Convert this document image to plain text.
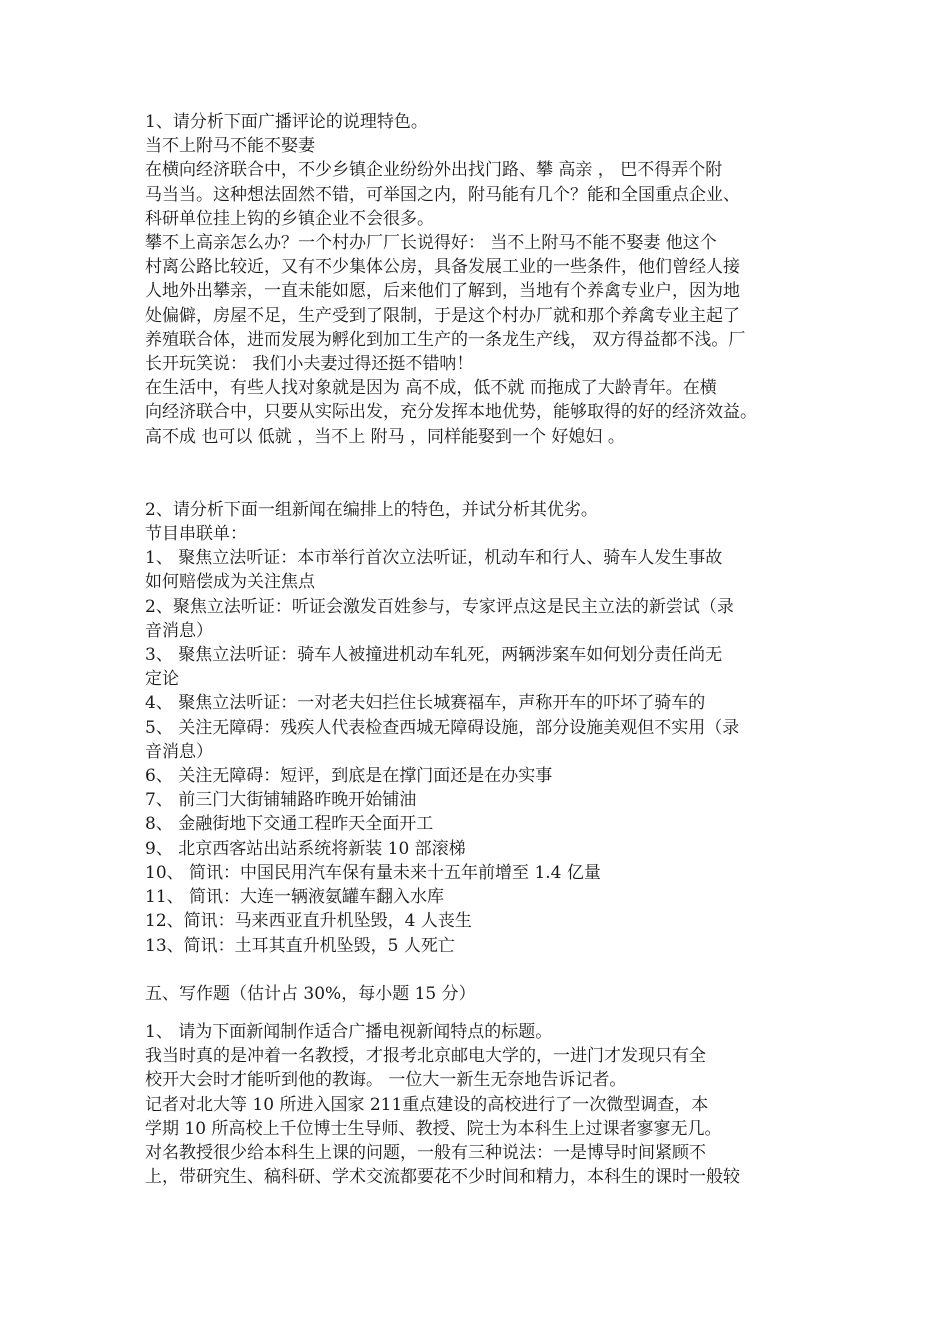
1、请分析下面广播评论的说理特色。
当不上附马不能不娶妻
在横向经济联合中，不少乡镇企业纷纷外出找门路、攀 高亲 ， 巴不得弄个附
马当当。这种想法固然不错，可举国之内，附马能有几个？能和全国重点企业、
科研单位挂上钩的乡镇企业不会很多。
攀不上高亲怎么办？一个村办厂厂长说得好： 当不上附马不能不娶妻 他这个
村离公路比较近，又有不少集体公房，具备发展工业的一些条件，他们曾经人接
人地外出攀亲，一直未能如愿，后来他们了解到，当地有个养禽专业户，因为地
处偏僻，房屋不足，生产受到了限制，于是这个村办厂就和那个养禽专业主起了
养殖联合体，进而发展为孵化到加工生产的一条龙生产线， 双方得益都不浅。厂
长开玩笑说： 我们小夫妻过得还挺不错呐！
在生活中，有些人找对象就是因为 高不成，低不就 而拖成了大龄青年。在横
向经济联合中，只要从实际出发，充分发挥本地优势，能够取得的好的经济效益。
高不成 也可以 低就 ，当不上 附马 ，同样能娶到一个 好媳妇 。
2、请分析下面一组新闻在编排上的特色，并试分析其优劣。
节目串联单：
1、 聚焦立法听证：本市举行首次立法听证，机动车和行人、骑车人发生事故
如何赔偿成为关注焦点
2、聚焦立法听证：听证会激发百姓参与，专家评点这是民主立法的新尝试（录
音消息）
3、 聚焦立法听证：骑车人被撞进机动车轧死，两辆涉案车如何划分责任尚无
定论
4、 聚焦立法听证：一对老夫妇拦住长城赛福车，声称开车的吓坏了骑车的
5、 关注无障碍：残疾人代表检查西城无障碍设施，部分设施美观但不实用（录
音消息）
6、 关注无障碍：短评，到底是在撑门面还是在办实事
7、 前三门大街铺辅路昨晚开始铺油
8、 金融街地下交通工程昨天全面开工
9、 北京西客站出站系统将新装 10 部滚梯
10、 简讯：中国民用汽车保有量未来十五年前增至 1.4 亿量
11、 简讯：大连一辆液氨罐车翻入水库
12、简讯：马来西亚直升机坠毁，4 人丧生
13、简讯：土耳其直升机坠毁，5 人死亡
五、写作题（估计占 30%，每小题 15 分）
1、 请为下面新闻制作适合广播电视新闻特点的标题。
我当时真的是冲着一名教授，才报考北京邮电大学的，一进门才发现只有全
校开大会时才能听到他的教诲。 一位大一新生无奈地告诉记者。
记者对北大等 10 所进入国家 211重点建设的高校进行了一次微型调查，本
学期 10 所高校上千位博士生导师、教授、院士为本科生上过课者寥寥无几。
对名教授很少给本科生上课的问题，一般有三种说法：一是博导时间紧顾不
上，带研究生、稿科研、学术交流都要花不少时间和精力，本科生的课时一般较
